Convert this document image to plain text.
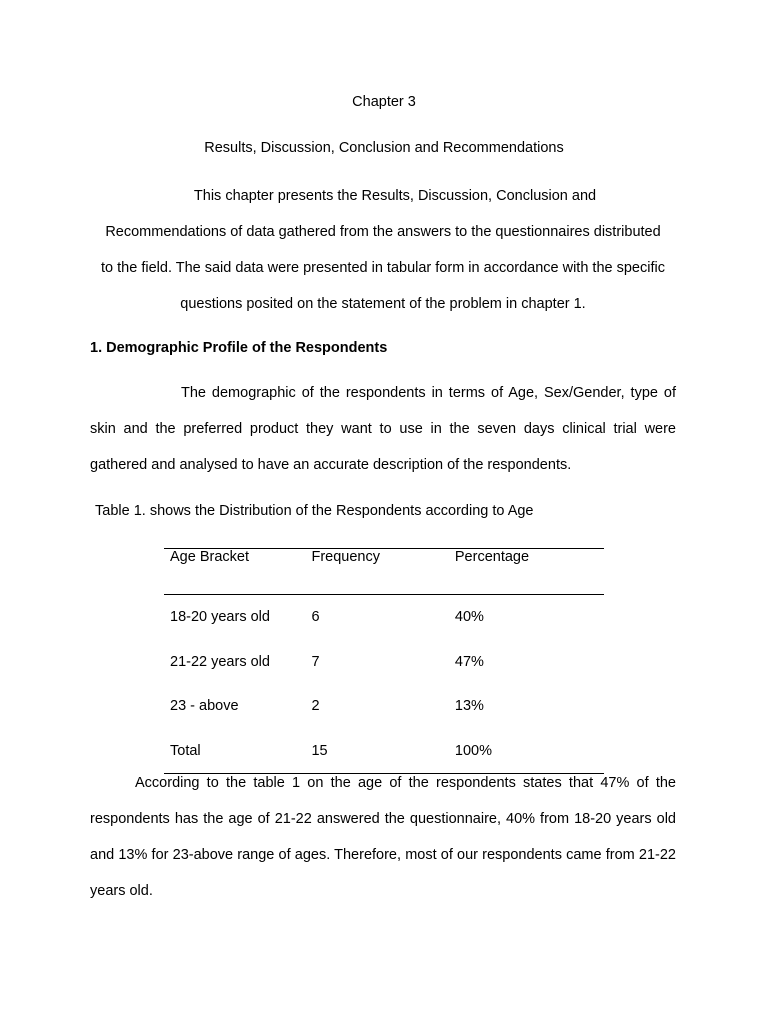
Chapter 3
Results, Discussion, Conclusion and Recommendations
This chapter presents the Results, Discussion, Conclusion and
Recommendations of data gathered from the answers to the questionnaires distributed
to the field. The said data were presented in tabular form in accordance with the specific
questions posited on the statement of the problem in chapter 1.
1. Demographic Profile of the Respondents
The demographic of the respondents in terms of Age, Sex/Gender, type of skin and the preferred product they want to use in the seven days clinical trial were gathered and analysed to have an accurate description of the respondents.
Table 1. shows the Distribution of the Respondents according to Age
Age Bracket	Frequency	Percentage
18-20 years old	6	40%
21-22 years old	7	47%
23 - above	2	13%
Total	15	100%
According to the table 1 on the age of the respondents states that 47% of the respondents has the age of 21-22 answered the questionnaire, 40% from 18-20 years old and 13% for 23-above range of ages. Therefore, most of our respondents came from 21-22 years old.
